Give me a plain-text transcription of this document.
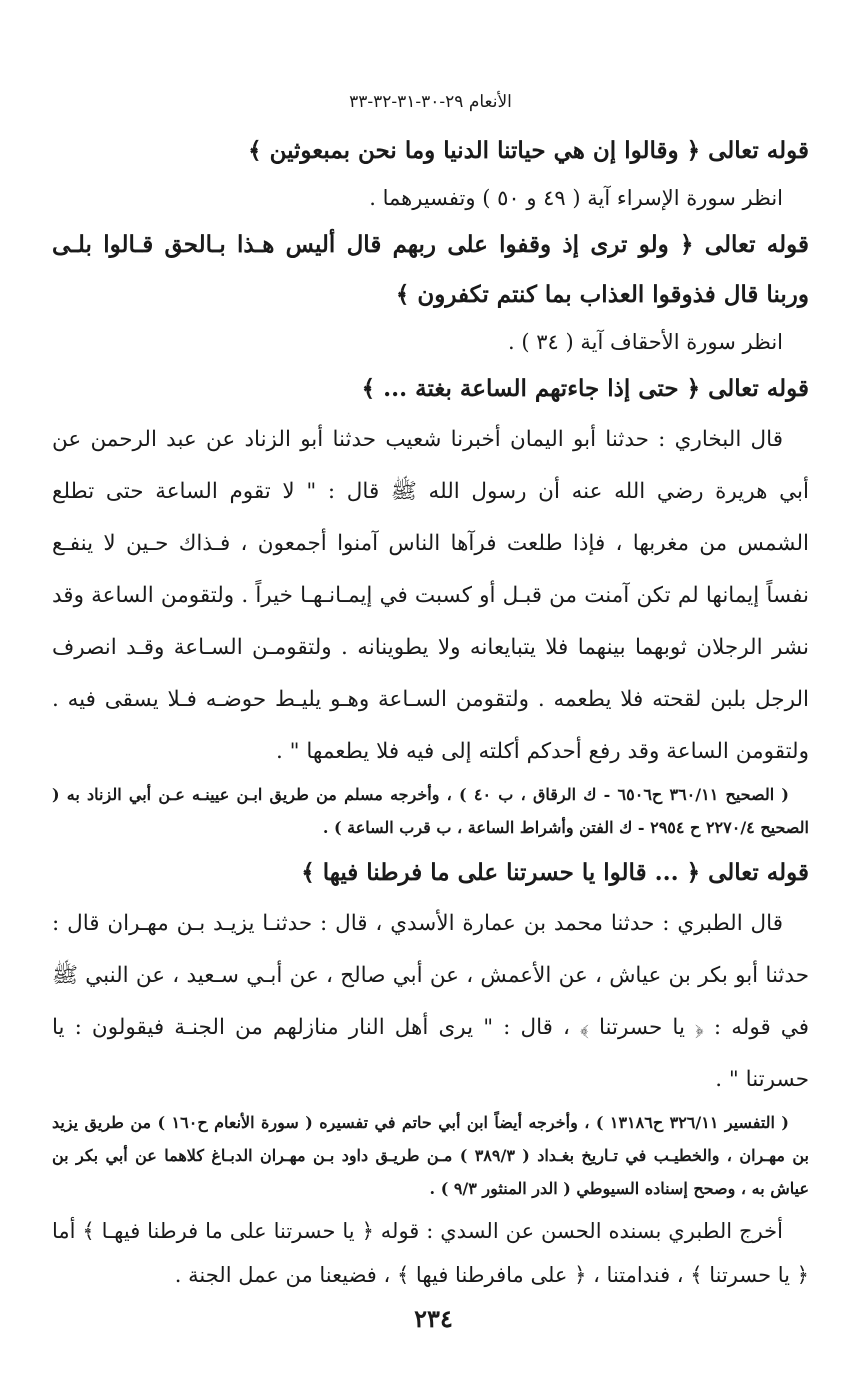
الأنعام ٢٩-٣٠-٣١-٣٢-٣٣

قوله تعالى ﴿ وقالوا إن هي حياتنا الدنيا وما نحن بمبعوثين ﴾

انظر سورة الإسراء آية ( ٤٩ و ٥٠ ) وتفسيرهما .

قوله تعالى ﴿ ولو ترى إذ وقفوا على ربهم قال أليس هـذا بـالحق قـالوا بلـى وربنا قال فذوقوا العذاب بما كنتم تكفرون ﴾

انظر سورة الأحقاف آية ( ٣٤ ) .

قوله تعالى ﴿ حتى إذا جاءتهم الساعة بغتة ... ﴾

قال البخاري : حدثنا أبو اليمان أخبرنا شعيب حدثنا أبو الزناد عن عبد الرحمن عن أبي هريرة رضي الله عنه أن رسول الله ﷺ قال : " لا تقوم الساعة حتى تطلع الشمس من مغربها ، فإذا طلعت فرآها الناس آمنوا أجمعون ، فـذاك حـين لا ينفـع نفساً إيمانها لم تكن آمنت من قبـل أو كسبت في إيمـانـهـا خيراً . ولتقومن الساعة وقد نشر الرجلان ثوبهما بينهما فلا يتبايعانه ولا يطوينانه . ولتقومـن السـاعة وقـد انصرف الرجل بلبن لقحته فلا يطعمه . ولتقومن السـاعة وهـو يليـط حوضـه فـلا يسقى فيه . ولتقومن الساعة وقد رفع أحدكم أكلته إلى فيه فلا يطعمها " .

( الصحيح ٣٦٠/١١ ح٦٥٠٦ - ك الرقاق ، ب ٤٠ ) ، وأخرجه مسلم من طريق ابـن عيينـه عـن أبي الزناد به ( الصحيح ٢٢٧٠/٤ ح ٢٩٥٤ - ك الفتن وأشراط الساعة ، ب قرب الساعة ) .

قوله تعالى ﴿ ... قالوا يا حسرتنا على ما فرطنا فيها ﴾

قال الطبري : حدثنا محمد بن عمارة الأسدي ، قال : حدثنـا يزيـد بـن مهـران قال : حدثنا أبو بكر بن عياش ، عن الأعمش ، عن أبي صالح ، عن أبـي سـعيد ، عن النبي ﷺ في قوله : ﴿ يا حسرتنا ﴾ ، قال : " يرى أهل النار منازلهم من الجنـة فيقولون : يا حسرتنا " .

( التفسير ٣٢٦/١١ ح١٣١٨٦ ) ، وأخرجه أيضاً ابن أبي حاتم في تفسيره ( سورة الأنعام ح١٦٠ ) من طريق يزيد بن مهـران ، والخطيـب في تـاريخ بغـداد ( ٣٨٩/٣ ) مـن طريـق داود بـن مهـران الدبـاغ كلاهما عن أبي بكر بن عياش به ، وصحح إسناده السيوطي ( الدر المنثور ٩/٣ ) .

أخرج الطبري بسنده الحسن عن السدي : قوله ﴿ يا حسرتنا على ما فرطنا فيهـا ﴾ أما ﴿ يا حسرتنا ﴾ ، فندامتنا ، ﴿ على مافرطنا فيها ﴾ ، فضيعنا من عمل الجنة .

٢٣٤
